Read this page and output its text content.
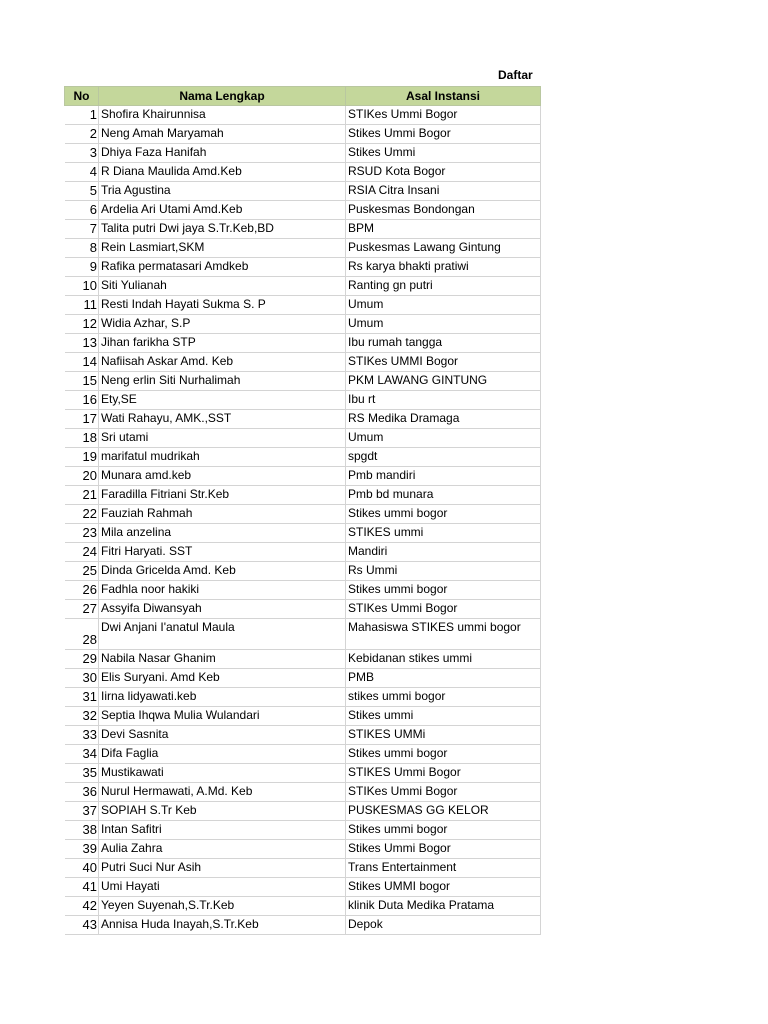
Daftar
No	Nama Lengkap	Asal Instansi
1	Shofira Khairunnisa	STIKes Ummi Bogor
2	Neng Amah Maryamah	Stikes Ummi Bogor
3	Dhiya Faza Hanifah	Stikes Ummi
4	R Diana Maulida Amd.Keb	RSUD Kota Bogor
5	Tria Agustina	RSIA Citra Insani
6	Ardelia Ari Utami Amd.Keb	Puskesmas Bondongan
7	Talita putri Dwi jaya S.Tr.Keb,BD	BPM
8	Rein Lasmiart,SKM	Puskesmas Lawang Gintung
9	Rafika permatasari Amdkeb	Rs karya bhakti pratiwi
10	Siti Yulianah	Ranting gn putri
11	Resti Indah Hayati Sukma S. P	Umum
12	Widia Azhar, S.P	Umum
13	Jihan farikha STP	Ibu rumah tangga
14	Nafiisah Askar Amd. Keb	STIKes UMMI Bogor
15	Neng erlin Siti Nurhalimah	PKM LAWANG GINTUNG
16	Ety,SE	Ibu rt
17	Wati Rahayu, AMK.,SST	RS Medika Dramaga
18	Sri utami	Umum
19	marifatul mudrikah	spgdt
20	Munara amd.keb	Pmb mandiri
21	Faradilla Fitriani Str.Keb	Pmb bd munara
22	Fauziah Rahmah	Stikes ummi bogor
23	Mila anzelina	STIKES ummi
24	Fitri Haryati. SST	Mandiri
25	Dinda Gricelda Amd. Keb	Rs Ummi
26	Fadhla noor hakiki	Stikes ummi bogor
27	Assyifa Diwansyah	STIKes Ummi Bogor
28	Dwi Anjani I'anatul Maula	Mahasiswa STIKES ummi bogor
29	Nabila Nasar Ghanim	Kebidanan stikes ummi
30	Elis Suryani. Amd Keb	PMB
31	Iirna lidyawati.keb	stikes ummi bogor
32	Septia Ihqwa Mulia Wulandari	Stikes ummi
33	Devi Sasnita	STIKES UMMi
34	Difa Faglia	Stikes ummi bogor
35	Mustikawati	STIKES Ummi Bogor
36	Nurul Hermawati, A.Md. Keb	STIKes Ummi Bogor
37	SOPIAH S.Tr Keb	PUSKESMAS GG KELOR
38	Intan Safitri	Stikes ummi bogor
39	Aulia Zahra	Stikes Ummi Bogor
40	Putri Suci Nur Asih	Trans Entertainment
41	Umi Hayati	Stikes UMMI bogor
42	Yeyen Suyenah,S.Tr.Keb	klinik Duta Medika Pratama
43	Annisa Huda Inayah,S.Tr.Keb	Depok
